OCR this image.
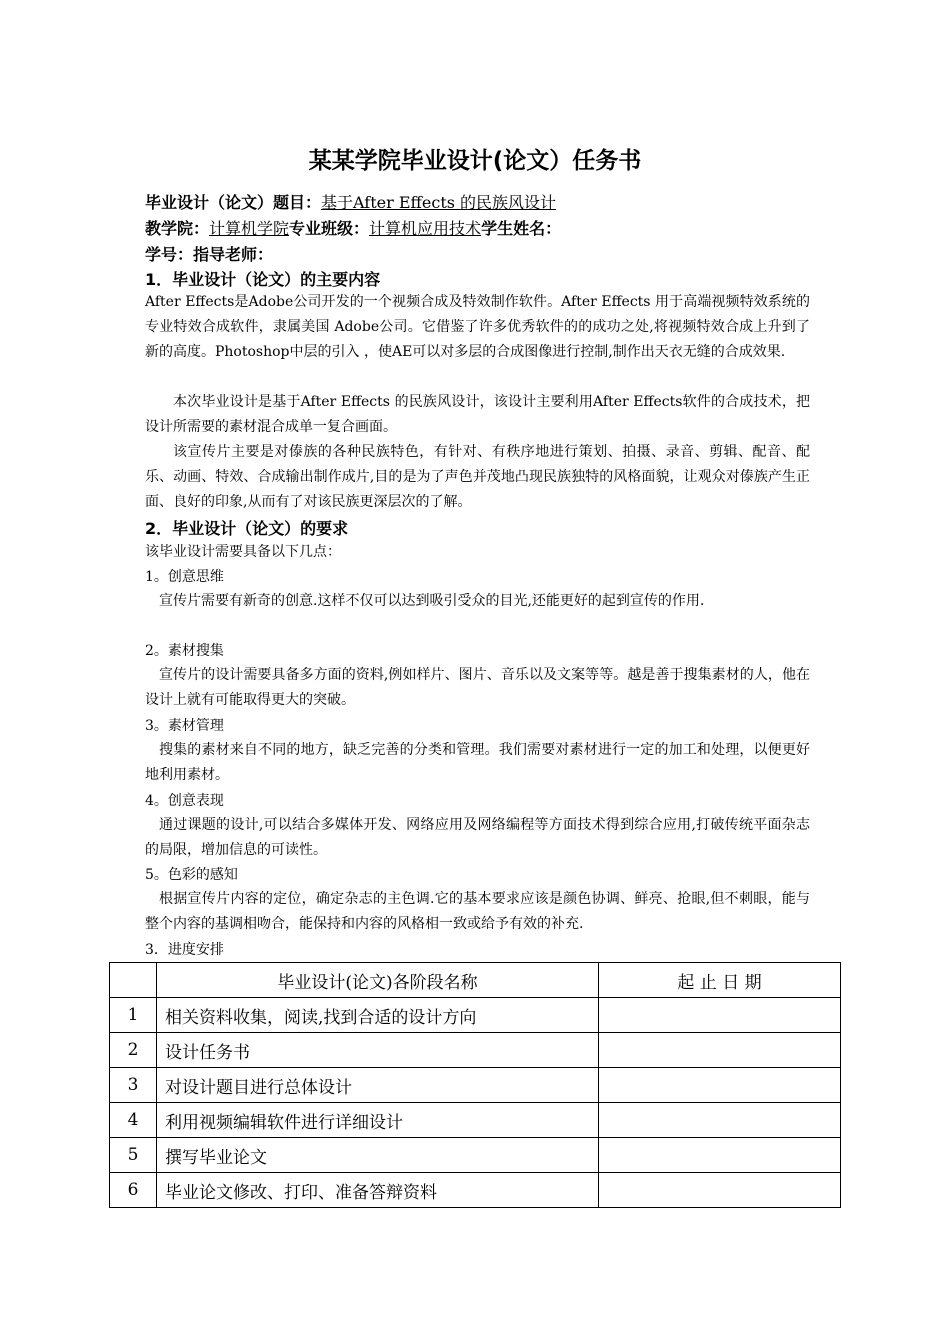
某某学院毕业设计(论文）任务书
毕业设计（论文）题目：基于After Effects 的民族风设计
教学院：计算机学院专业班级：计算机应用技术学生姓名：
学号：指导老师：
1．毕业设计（论文）的主要内容
After Effects是Adobe公司开发的一个视频合成及特效制作软件。After Effects 用于高端视频特效系统的专业特效合成软件，隶属美国 Adobe公司。它借鉴了许多优秀软件的的成功之处,将视频特效合成上升到了新的高度。Photoshop中层的引入 ，使AE可以对多层的合成图像进行控制,制作出天衣无缝的合成效果.
本次毕业设计是基于After Effects 的民族风设计，该设计主要利用After Effects软件的合成技术，把设计所需要的素材混合成单一复合画面。
该宣传片主要是对傣族的各种民族特色，有针对、有秩序地进行策划、拍摄、录音、剪辑、配音、配乐、动画、特效、合成输出制作成片,目的是为了声色并茂地凸现民族独特的风格面貌，让观众对傣族产生正面、良好的印象,从而有了对该民族更深层次的了解。
2．毕业设计（论文）的要求
该毕业设计需要具备以下几点：
1。创意思维
宣传片需要有新奇的创意.这样不仅可以达到吸引受众的目光,还能更好的起到宣传的作用.
2。素材搜集
宣传片的设计需要具备多方面的资料,例如样片、图片、音乐以及文案等等。越是善于搜集素材的人，他在设计上就有可能取得更大的突破。
3。素材管理
搜集的素材来自不同的地方，缺乏完善的分类和管理。我们需要对素材进行一定的加工和处理，以便更好地利用素材。
4。创意表现
通过课题的设计,可以结合多媒体开发、网络应用及网络编程等方面技术得到综合应用,打破传统平面杂志的局限，增加信息的可读性。
5。色彩的感知
根据宣传片内容的定位，确定杂志的主色调.它的基本要求应该是颜色协调、鲜亮、抢眼,但不刺眼，能与整个内容的基调相吻合，能保持和内容的风格相一致或给予有效的补充.
3．进度安排
	毕业设计(论文)各阶段名称	起 止 日 期
1	相关资料收集，阅读,找到合适的设计方向	
2	设计任务书	
3	对设计题目进行总体设计	
4	利用视频编辑软件进行详细设计	
5	撰写毕业论文	
6	毕业论文修改、打印、准备答辩资料	
